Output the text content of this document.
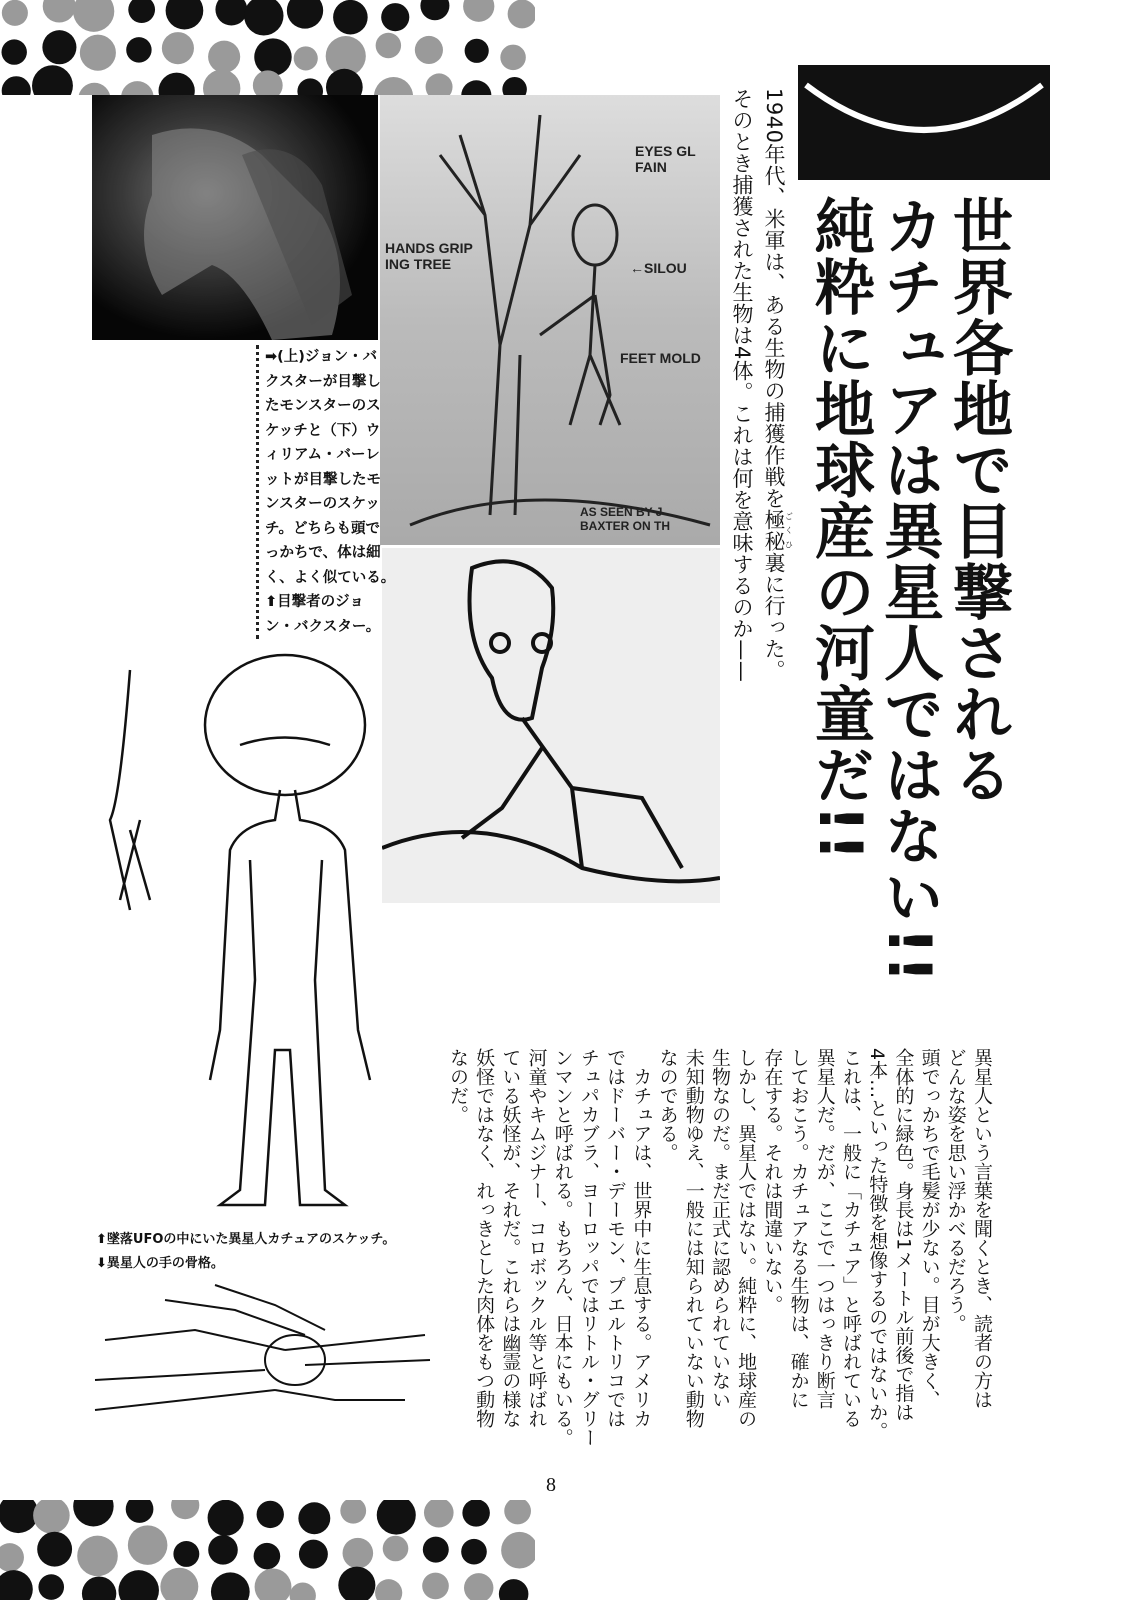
EYES GL
FAIN
HANDS GRIP
ING TREE	←SILOU
FEET MOLD
AS SEEN BY J
BAXTER ON TH	世界各地で目撃される
カチュアは異星人ではない!!
純粋に地球産の河童だ!!
1940年代、米軍は、ある生物の捕獲作戦を極秘ごくひ裏に行った。
そのとき捕獲された生物は4体。これは何を意味するのか——
➡(上)ジョン・バ
クスターが目撃し
たモンスターのス
ケッチと（下）ウ
ィリアム・バーレ
ットが目撃したモ
ンスターのスケッ
チ。どちらも頭で
っかちで、体は細
く、よく似ている。
⬆目撃者のジョ
ン・バクスター。
⬆墜落UFOの中にいた異星人カチュアのスケッチ。
⬇異星人の手の骨格。	異星人という言葉を聞くとき、読者の方は
どんな姿を思い浮かべるだろう。
頭でっかちで毛髪が少ない。目が大きく、
全体的に緑色。身長は1メートル前後で指は
4本…といった特徴を想像するのではないか。
これは、一般に「カチュア」と呼ばれている
異星人だ。だが、ここで一つはっきり断言
しておこう。カチュアなる生物は、確かに
存在する。それは間違いない。
しかし、異星人ではない。純粋に、地球産の
生物なのだ。まだ正式に認められていない
未知動物ゆえ、一般には知られていない動物
なのである。
カチュアは、世界中に生息する。アメリカ
ではドーバー・デーモン、プエルトリコでは
チュパカブラ、ヨーロッパではリトル・グリー
ンマンと呼ばれる。もちろん、日本にもいる。
河童やキムジナー、コロボックル等と呼ばれ
ている妖怪が、それだ。これらは幽霊の様な
妖怪ではなく、れっきとした肉体をもつ動物
なのだ。
8
